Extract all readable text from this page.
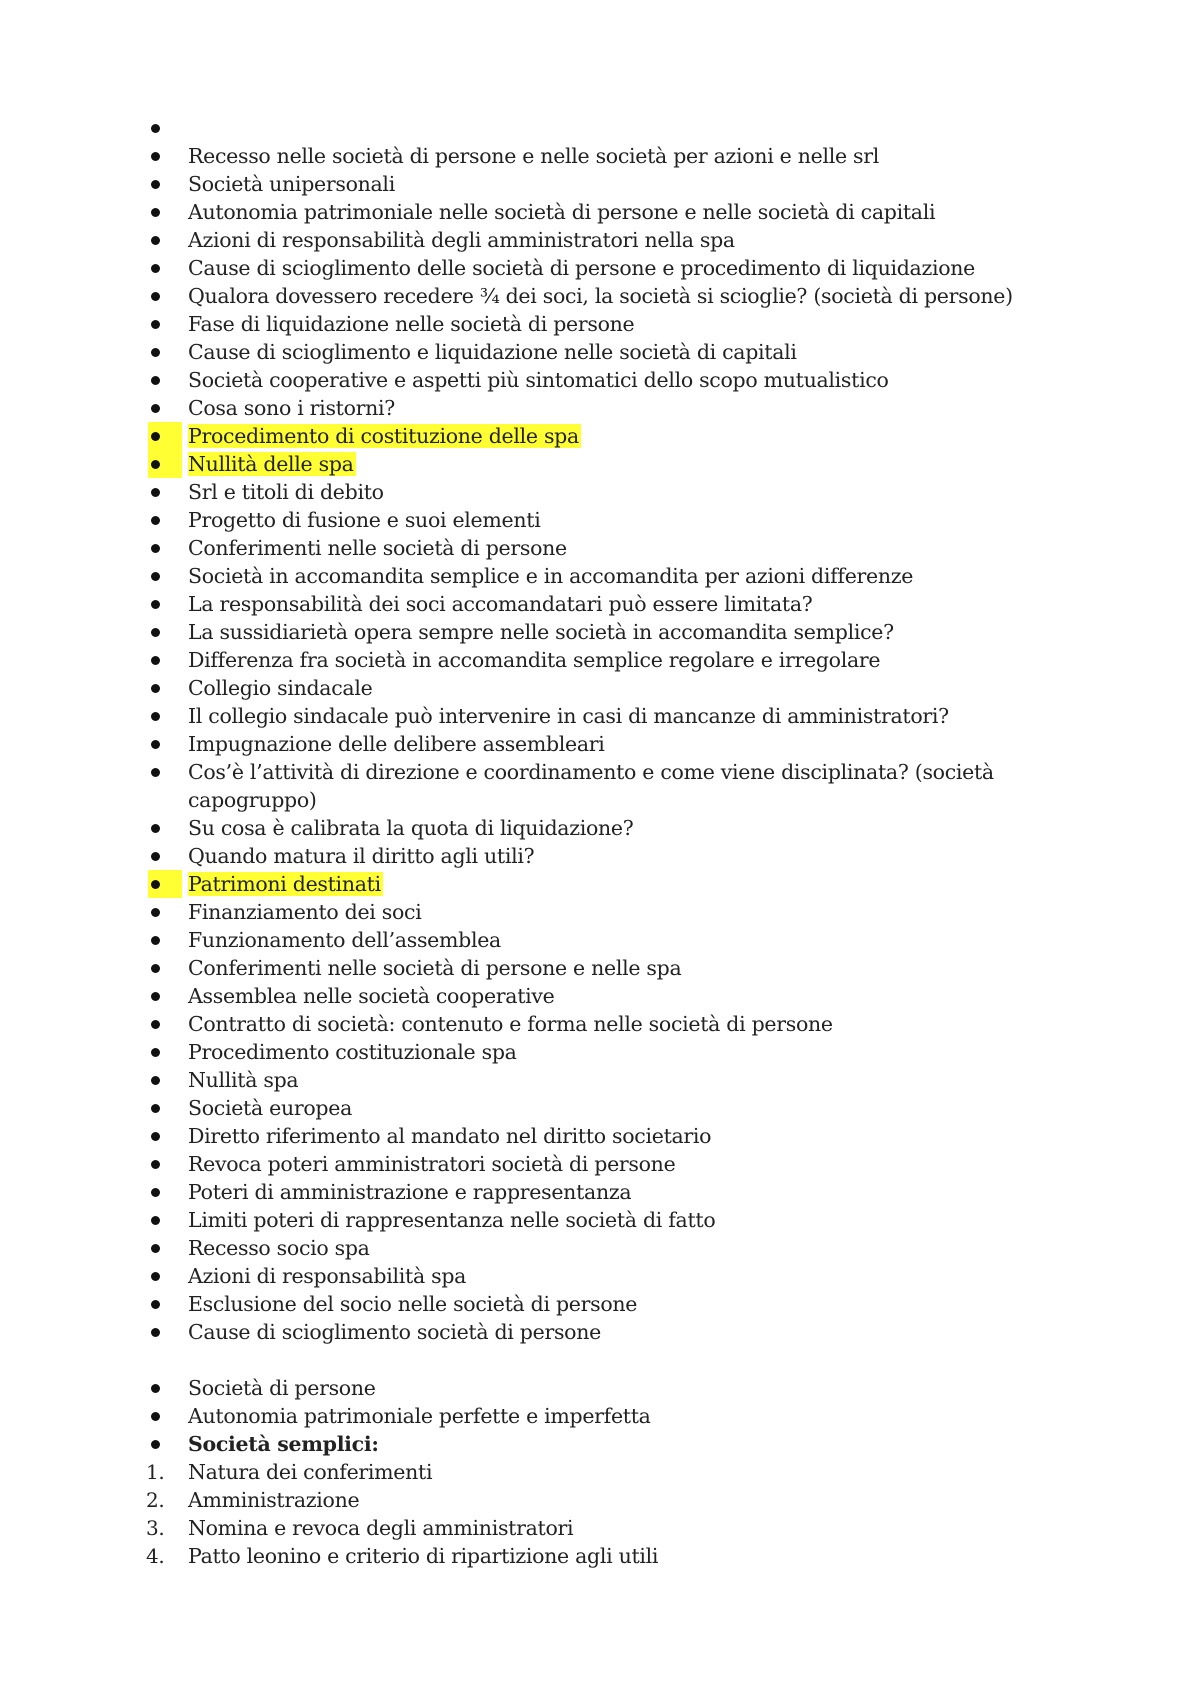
Recesso nelle società di persone e nelle società per azioni e nelle srl
Società unipersonali
Autonomia patrimoniale nelle società di persone e nelle società di capitali
Azioni di responsabilità degli amministratori nella spa
Cause di scioglimento delle società di persone e procedimento di liquidazione
Qualora dovessero recedere ¾ dei soci, la società si scioglie? (società di persone)
Fase di liquidazione nelle società di persone
Cause di scioglimento e liquidazione nelle società di capitali
Società cooperative e aspetti più sintomatici dello scopo mutualistico
Cosa sono i ristorni?
Procedimento di costituzione delle spa
Nullità delle spa
Srl e titoli di debito
Progetto di fusione e suoi elementi
Conferimenti nelle società di persone
Società in accomandita semplice e in accomandita per azioni differenze
La responsabilità dei soci accomandatari può essere limitata?
La sussidiarietà opera sempre nelle società in accomandita semplice?
Differenza fra società in accomandita semplice regolare e irregolare
Collegio sindacale
Il collegio sindacale può intervenire in casi di mancanze di amministratori?
Impugnazione delle delibere assembleari
Cos’è l’attività di direzione e coordinamento e come viene disciplinata? (società capogruppo)
Su cosa è calibrata la quota di liquidazione?
Quando matura il diritto agli utili?
Patrimoni destinati
Finanziamento dei soci
Funzionamento dell’assemblea
Conferimenti nelle società di persone e nelle spa
Assemblea nelle società cooperative
Contratto di società: contenuto e forma nelle società di persone
Procedimento costituzionale spa
Nullità spa
Società europea
Diretto riferimento al mandato nel diritto societario
Revoca poteri amministratori società di persone
Poteri di amministrazione e rappresentanza
Limiti poteri di rappresentanza nelle società di fatto
Recesso socio spa
Azioni di responsabilità spa
Esclusione del socio nelle società di persone
Cause di scioglimento società di persone
Società di persone
Autonomia patrimoniale perfette e imperfetta
Società semplici:
1.	Natura dei conferimenti
2.	Amministrazione
3.	Nomina e revoca degli amministratori
4.	Patto leonino e criterio di ripartizione agli utili
